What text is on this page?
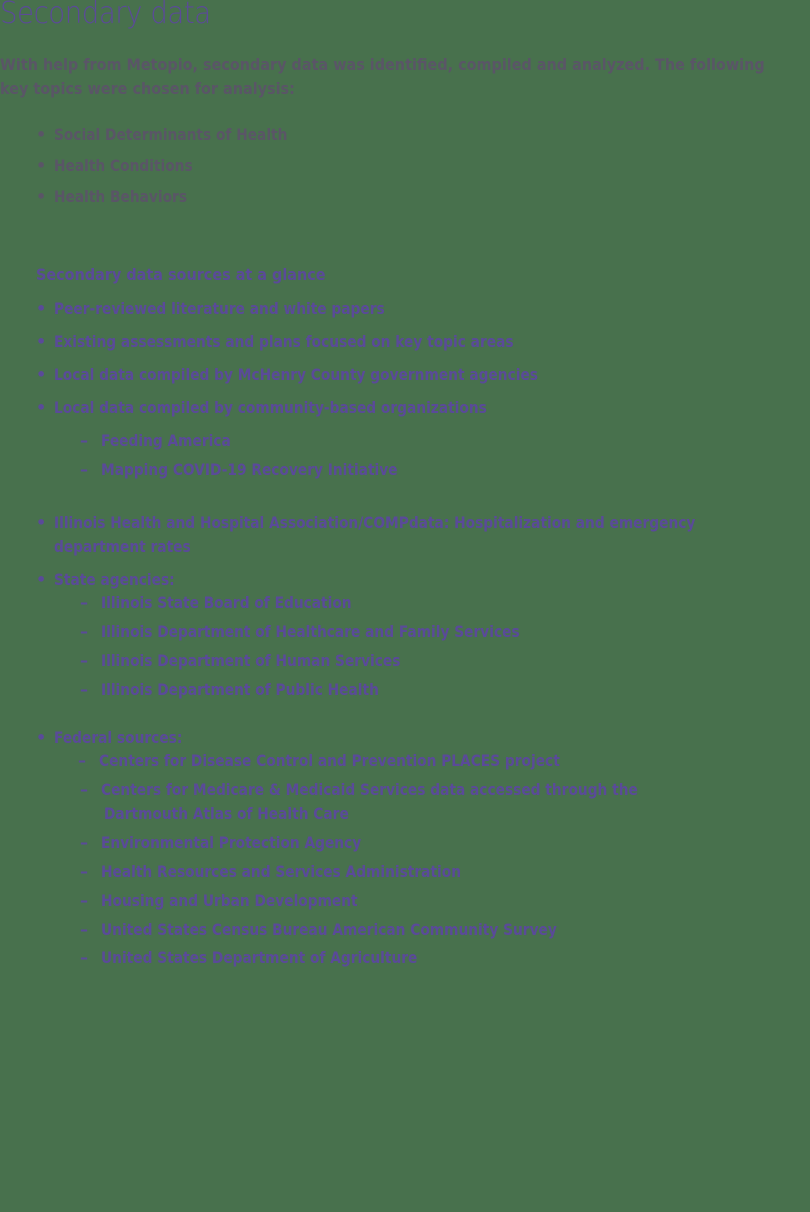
Secondary data
With help from Metopio, secondary data was identified, compiled and analyzed. The following key topics were chosen for analysis:
• Social Determinants of Health
• Health Conditions
• Health Behaviors
Secondary data sources at a glance
• Peer-reviewed literature and white papers
• Existing assessments and plans focused on key topic areas
• Local data compiled by McHenry County government agencies
• Local data compiled by community-based organizations
– Feeding America
– Mapping COVID-19 Recovery Initiative
• Illinois Health and Hospital Association/COMPdata: Hospitalization and emergency
department rates
• State agencies:
– Illinois State Board of Education
– Illinois Department of Healthcare and Family Services
– Illinois Department of Human Services
– Illinois Department of Public Health
• Federal sources:
– Centers for Disease Control and Prevention PLACES project
– Centers for Medicare & Medicaid Services data accessed through the
Dartmouth Atlas of Health Care
– Environmental Protection Agency
– Health Resources and Services Administration
– Housing and Urban Development
– United States Census Bureau American Community Survey
– United States Department of Agriculture
